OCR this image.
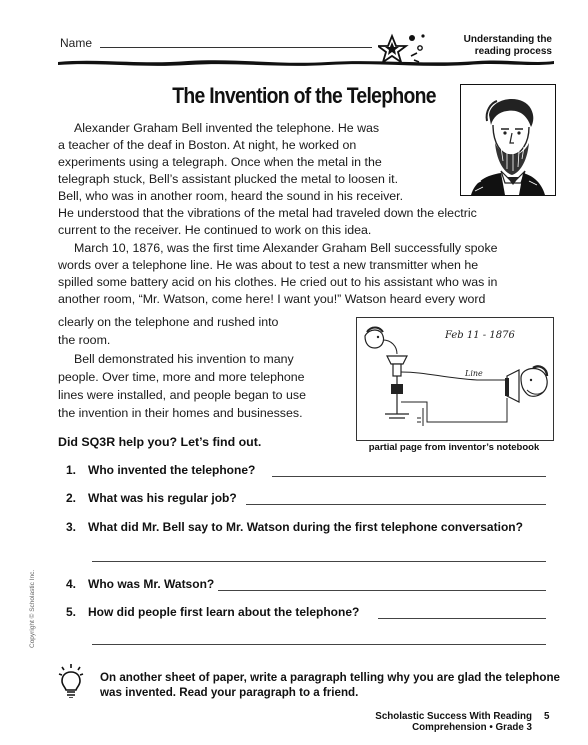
Name	Understanding the
reading process
The Invention of the Telephone
Alexander Graham Bell invented the telephone. He was
a teacher of the deaf in Boston. At night, he worked on
experiments using a telegraph. Once when the metal in the
telegraph stuck, Bell’s assistant plucked the metal to loosen it.
Bell, who was in another room, heard the sound in his receiver.
He understood that the vibrations of the metal had traveled down the electric
current to the receiver. He continued to work on this idea.
March 10, 1876, was the first time Alexander Graham Bell successfully spoke
words over a telephone line. He was about to test a new transmitter when he
spilled some battery acid on his clothes. He cried out to his assistant who was in
another room, “Mr. Watson, come here! I want you!” Watson heard every word
clearly on the telephone and rushed into
the room.
Bell demonstrated his invention to many
people. Over time, more and more telephone
lines were installed, and people began to use
the invention in their homes and businesses.
Feb 11 - 1876
Line
partial page from inventor’s notebook
Did SQ3R help you? Let’s find out.
1. Who invented the telephone?
2. What was his regular job?
3. What did Mr. Bell say to Mr. Watson during the first telephone conversation?
4. Who was Mr. Watson?
5. How did people first learn about the telephone?
Copyright © Scholastic Inc.
On another sheet of paper, write a paragraph telling why you are glad the telephone
was invented. Read your paragraph to a friend.
Scholastic Success With Reading Comprehension • Grade 3
5
